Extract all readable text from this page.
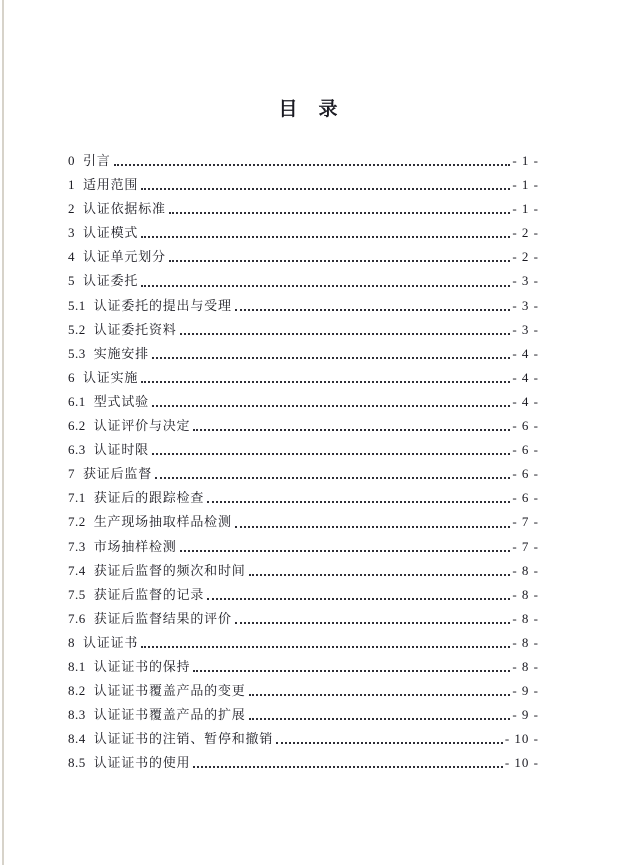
目　录
0 引言	- 1 -
1 适用范围	- 1 -
2 认证依据标准	- 1 -
3 认证模式	- 2 -
4 认证单元划分	- 2 -
5 认证委托	- 3 -
5.1 认证委托的提出与受理	- 3 -
5.2 认证委托资料	- 3 -
5.3 实施安排	- 4 -
6 认证实施	- 4 -
6.1 型式试验	- 4 -
6.2 认证评价与决定	- 6 -
6.3 认证时限	- 6 -
7 获证后监督	- 6 -
7.1 获证后的跟踪检查	- 6 -
7.2 生产现场抽取样品检测	- 7 -
7.3 市场抽样检测	- 7 -
7.4 获证后监督的频次和时间	- 8 -
7.5 获证后监督的记录	- 8 -
7.6 获证后监督结果的评价	- 8 -
8 认证证书	- 8 -
8.1 认证证书的保持	- 8 -
8.2 认证证书覆盖产品的变更	- 9 -
8.3 认证证书覆盖产品的扩展	- 9 -
8.4 认证证书的注销、暂停和撤销	- 10 -
8.5 认证证书的使用	- 10 -
